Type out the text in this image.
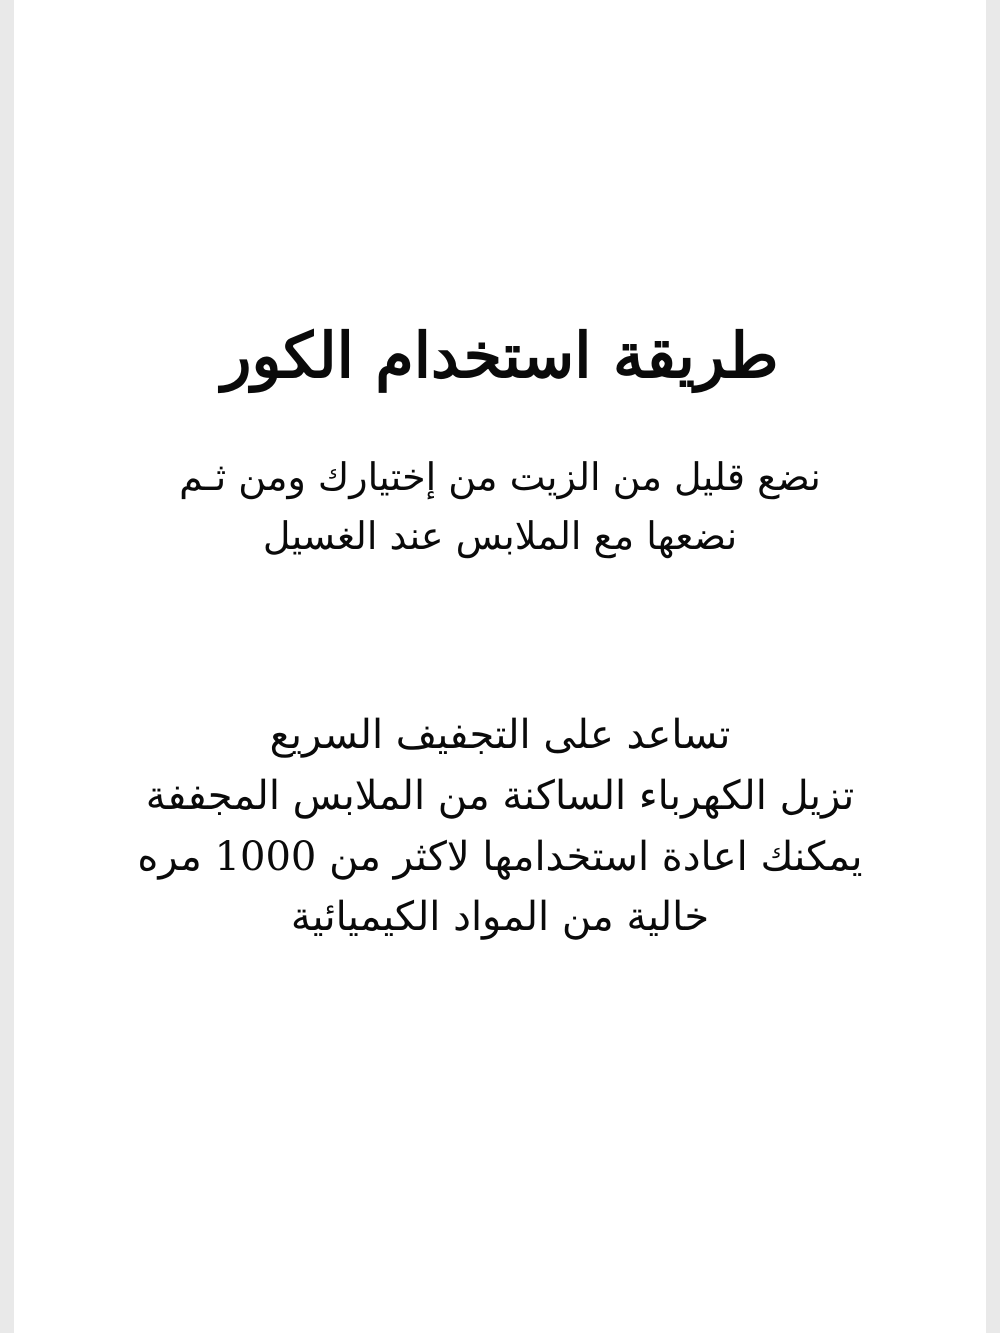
طريقة استخدام الكور
نضع قليل من الزيت من إختيارك ومن ثـم
نضعها مع الملابس عند الغسيل
تساعد على التجفيف السريع
تزيل الكهرباء الساكنة من الملابس المجففة
يمكنك اعادة استخدامها لاكثر من 1000 مره
خالية من المواد الكيميائية
